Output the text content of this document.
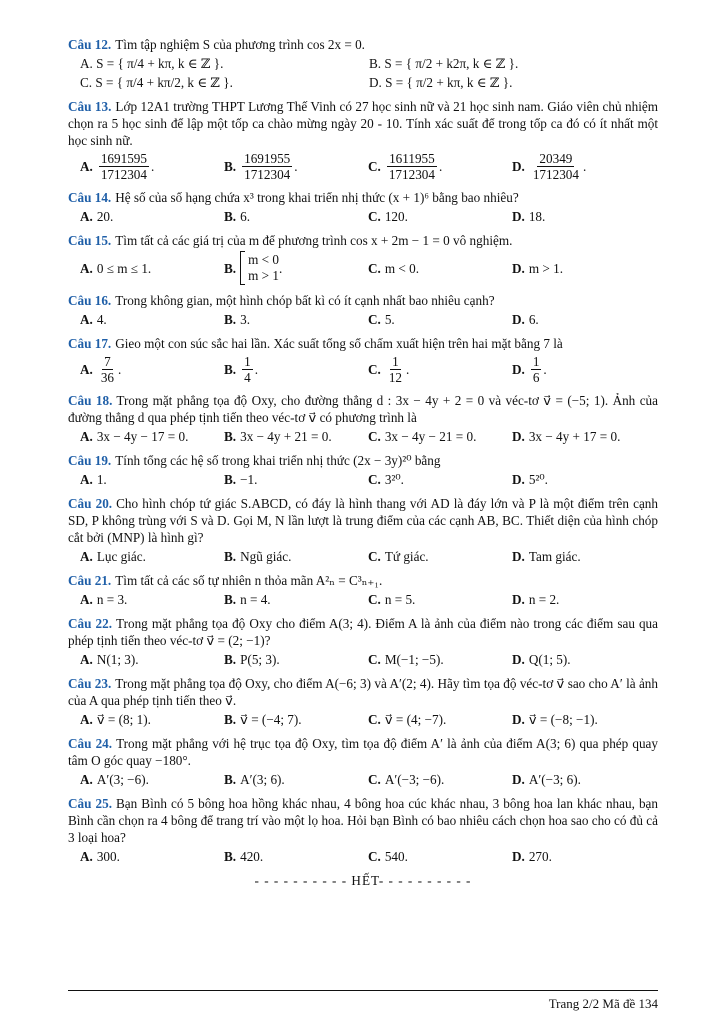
Câu 12. Tìm tập nghiệm S của phương trình cos 2x = 0.
A. S = { π/4 + kπ, k ∈ ℤ }.	B. S = { π/2 + k2π, k ∈ ℤ }.
C. S = { π/4 + kπ/2, k ∈ ℤ }.	D. S = { π/2 + kπ, k ∈ ℤ }.
Câu 13. Lớp 12A1 trường THPT Lương Thế Vinh có 27 học sinh nữ và 21 học sinh nam. Giáo viên chủ nhiệm chọn ra 5 học sinh để lập một tốp ca chào mừng ngày 20 - 10. Tính xác suất để trong tốp ca đó có ít nhất một học sinh nữ.
A. $\frac{1691595}{1712304}$ .	B. $\frac{1691955}{1712304}$ .	C. $\frac{1611955}{1712304}$ .	D. $\frac{20349}{1712304}$ .
Câu 14. Hệ số của số hạng chứa x³ trong khai triển nhị thức (x + 1)⁶ bằng bao nhiêu?
A. 20.	B. 6.	C. 120.	D. 18.
Câu 15. Tìm tất cả các giá trị của m để phương trình cos x + 2m − 1 = 0 vô nghiệm.
A. 0 ≤ m ≤ 1.	B.
m < 0
m > 1 .	C. m < 0.	D. m > 1.
Câu 16. Trong không gian, một hình chóp bất kì có ít cạnh nhất bao nhiêu cạnh?
A. 4.	B. 3.	C. 5.	D. 6.
Câu 17. Gieo một con súc sắc hai lần. Xác suất tổng số chấm xuất hiện trên hai mặt bằng 7 là
A. $\frac{7}{36}$ .	B. $\frac{1}{4}$ .	C. $\frac{1}{12}$ .	D. $\frac{1}{6}$ .
Câu 18. Trong mặt phẳng tọa độ Oxy, cho đường thẳng d : 3x − 4y + 2 = 0 và véc-tơ v⃗ = (−5; 1). Ảnh của đường thẳng d qua phép tịnh tiến theo véc-tơ v⃗ có phương trình là
A. 3x − 4y − 17 = 0.	B. 3x − 4y + 21 = 0.	C. 3x − 4y − 21 = 0.	D. 3x − 4y + 17 = 0.
Câu 19. Tính tổng các hệ số trong khai triển nhị thức (2x − 3y)²⁰ bằng
A. 1.	B. −1.	C. 3²⁰.	D. 5²⁰.
Câu 20. Cho hình chóp tứ giác S.ABCD, có đáy là hình thang với AD là đáy lớn và P là một điểm trên cạnh SD, P không trùng với S và D. Gọi M, N lần lượt là trung điểm của các cạnh AB, BC. Thiết diện của hình chóp cắt bởi (MNP) là hình gì?
A. Lục giác.	B. Ngũ giác.	C. Tứ giác.	D. Tam giác.
Câu 21. Tìm tất cả các số tự nhiên n thỏa mãn A²ₙ = C³ₙ₊₁.
A. n = 3.	B. n = 4.	C. n = 5.	D. n = 2.
Câu 22. Trong mặt phẳng tọa độ Oxy cho điểm A(3; 4). Điểm A là ảnh của điểm nào trong các điểm sau qua phép tịnh tiến theo véc-tơ v⃗ = (2; −1)?
A. N(1; 3).	B. P(5; 3).	C. M(−1; −5).	D. Q(1; 5).
Câu 23. Trong mặt phẳng tọa độ Oxy, cho điểm A(−6; 3) và A′(2; 4). Hãy tìm tọa độ véc-tơ v⃗ sao cho A′ là ảnh của A qua phép tịnh tiến theo v⃗.
A. v⃗ = (8; 1).	B. v⃗ = (−4; 7).	C. v⃗ = (4; −7).	D. v⃗ = (−8; −1).
Câu 24. Trong mặt phẳng với hệ trục tọa độ Oxy, tìm tọa độ điểm A′ là ảnh của điểm A(3; 6) qua phép quay tâm O góc quay −180°.
A. A′(3; −6).	B. A′(3; 6).	C. A′(−3; −6).	D. A′(−3; 6).
Câu 25. Bạn Bình có 5 bông hoa hồng khác nhau, 4 bông hoa cúc khác nhau, 3 bông hoa lan khác nhau, bạn Bình cần chọn ra 4 bông để trang trí vào một lọ hoa. Hỏi bạn Bình có bao nhiêu cách chọn hoa sao cho có đủ cả 3 loại hoa?
A. 300.	B. 420.	C. 540.	D. 270.
- - - - - - - - - - HẾT- - - - - - - - - -
Trang 2/2 Mã đề 134
